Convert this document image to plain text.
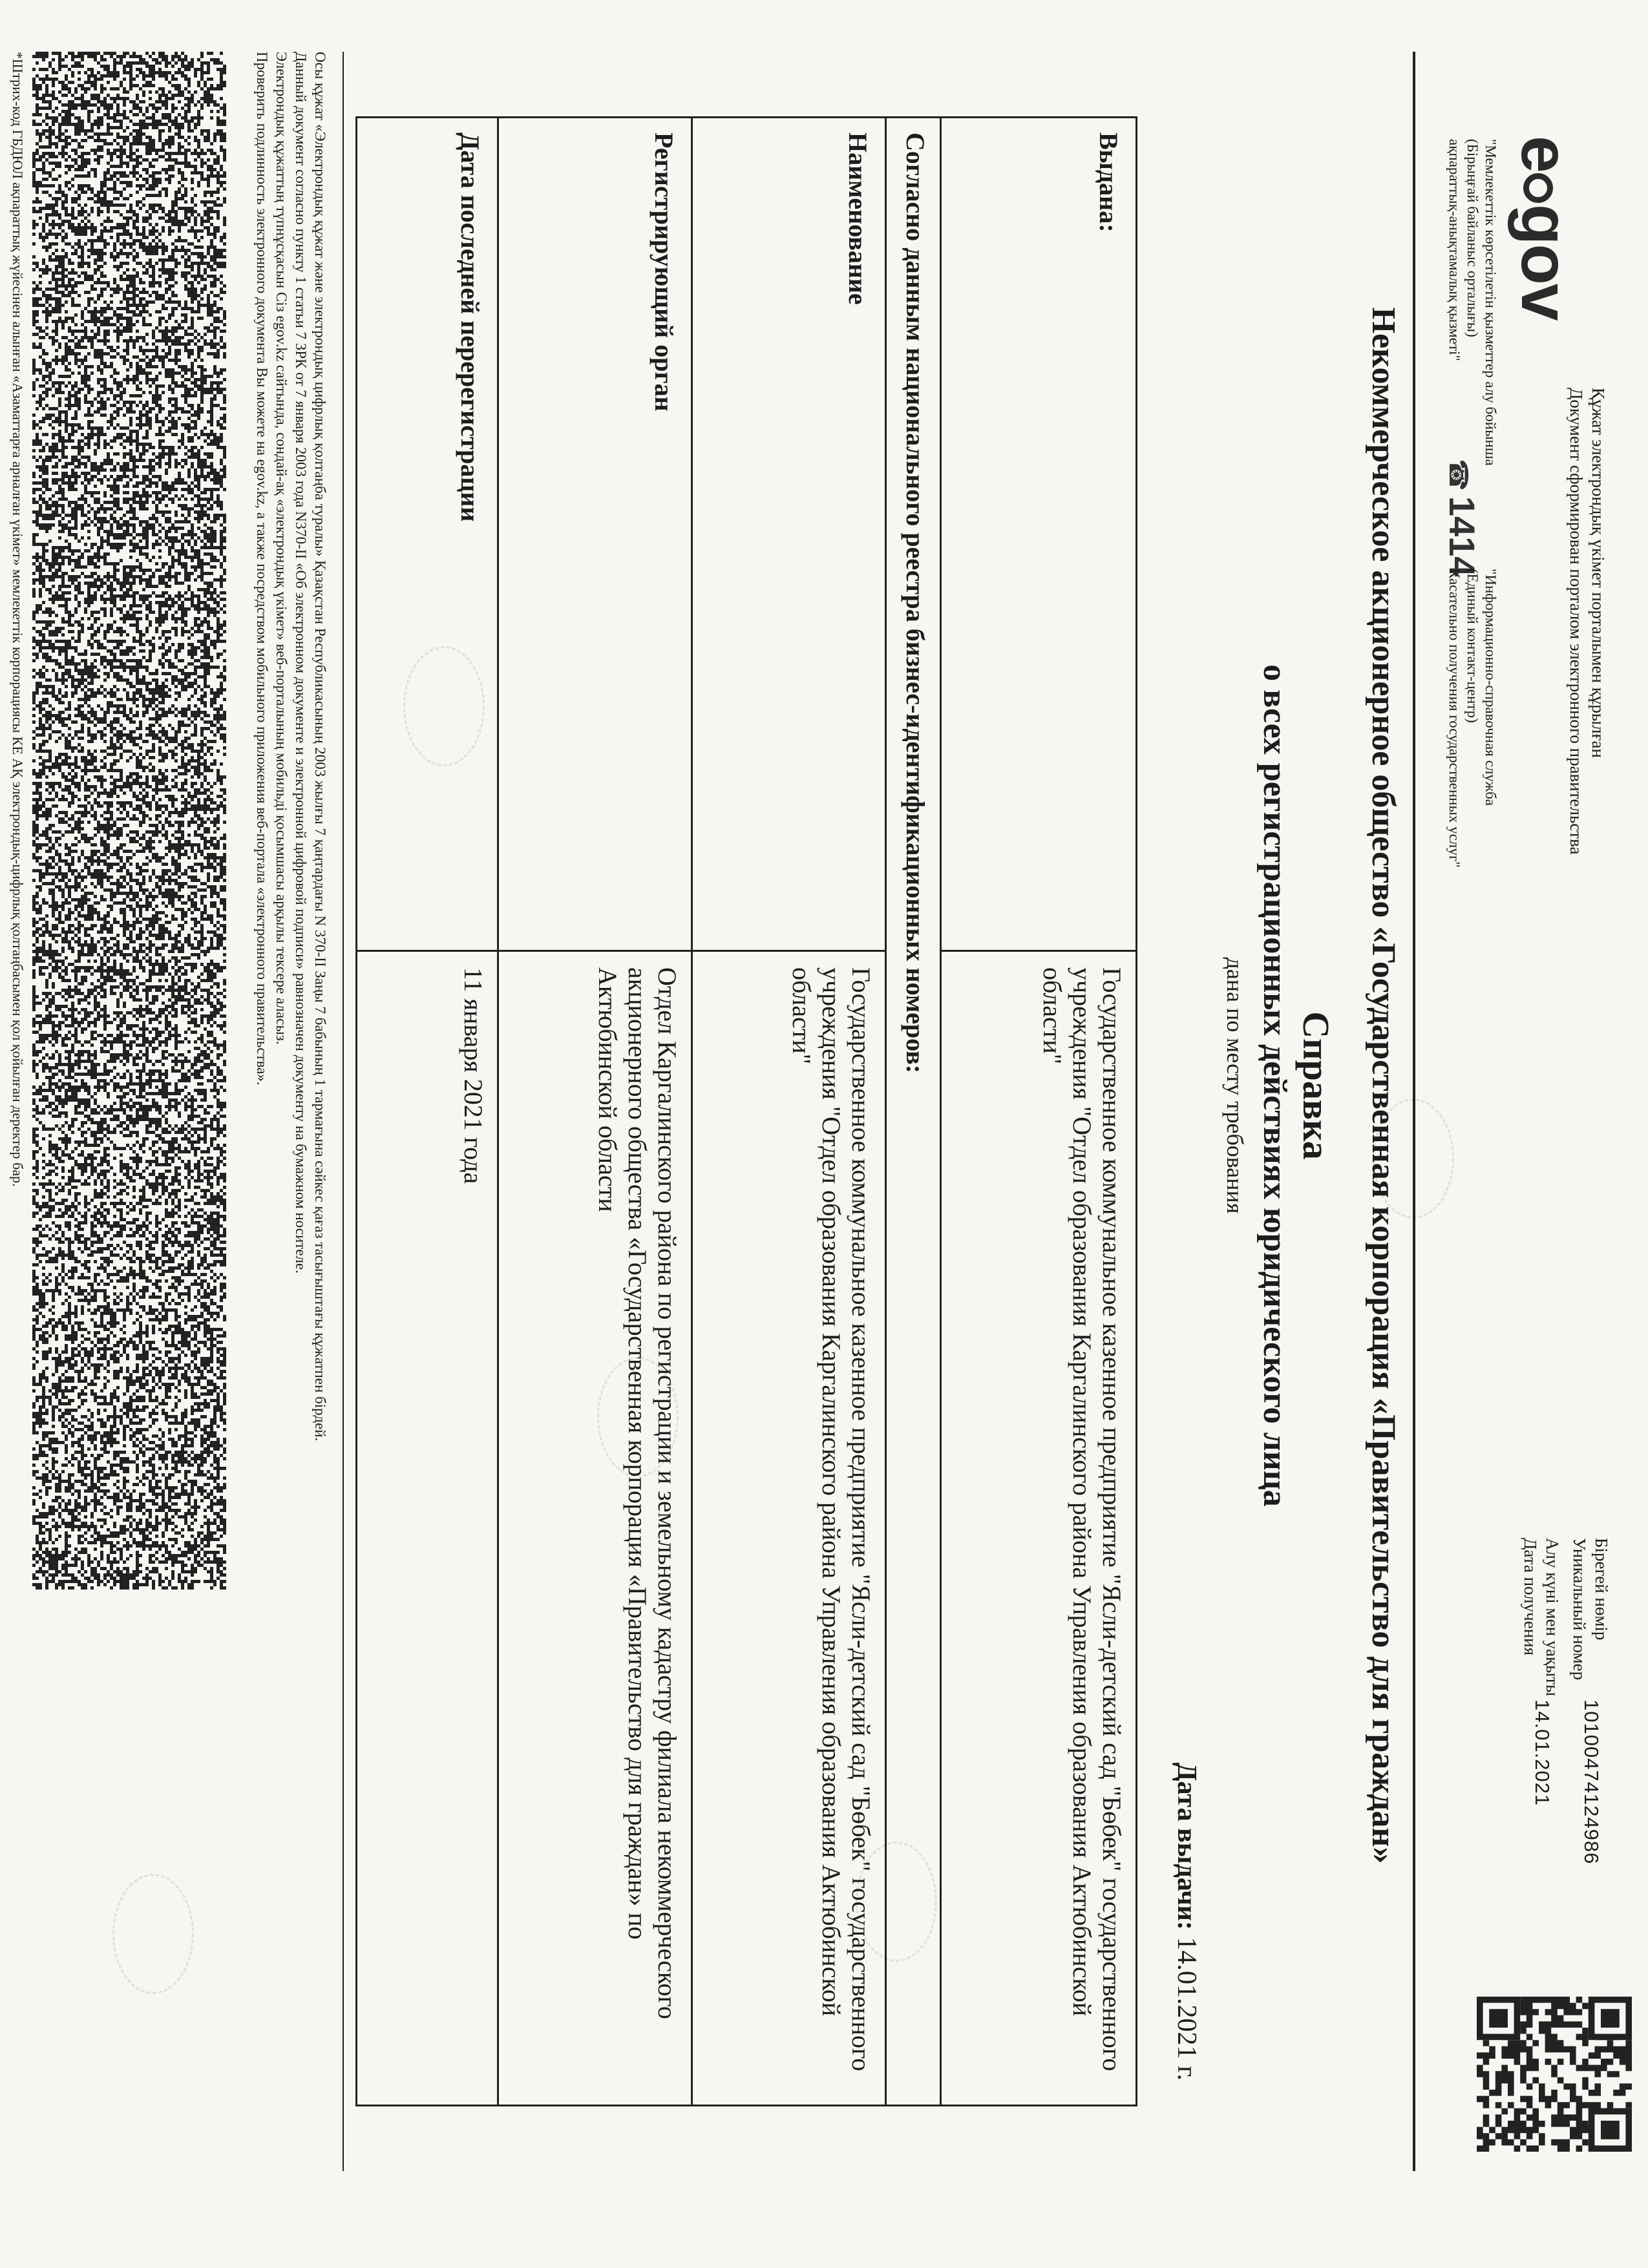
egov
Құжат электрондық үкімет порталымен құрылған
Документ сформирован порталом электронного правительства
"Мемлекеттік көрсетілетін қызметтер алу бойынша
(Бірыңғай байланыс орталығы)
ақпараттық-анықтамалық қызметі"
☎1414
"Информационно-справочная служба
(Единый контакт-центр)
Касательно получения государственных услуг"
Бірегей нөмір
Уникальный номер
10100474124986
Алу күні мен уақыты
Дата получения
14.01.2021
Некоммерческое акционерное общество «Государственная корпорация «Правительство для граждан»
Справка
о всех регистрационных действиях юридического лица
дана по месту требования
Дата выдачи: 14.01.2021 г.
Выдана:
Государственное коммунальное казенное предприятие "Ясли-детский сад "Бөбек" государственного учреждения "Отдел образования Каргалинского района Управления образования Актюбинской области"
Согласно данным национального реестра бизнес-идентификационных номеров:
Наименование
Государственное коммунальное казенное предприятие "Ясли-детский сад "Бөбек" государственного учреждения "Отдел образования Каргалинского района Управления образования Актюбинской области"
Регистрирующий орган
Отдел Каргалинского района по регистрации и земельному кадастру филиала некоммерческого акционерного общества «Государственная корпорация «Правительство для граждан» по Актюбинской области
Дата последней перерегистрации
11 января 2021 года
Осы құжат «Электрондық құжат және электрондық цифрлық қолтаңба туралы» Қазақстан Республикасының 2003 жылғы 7 қаңтардағы N 370-II Заңы 7 бабының 1 тармағына сәйкес қағаз тасығыштағы құжатпен бірдей.
Данный документ согласно пункту 1 статьи 7 ЗРК от 7 января 2003 года N370-II «Об электронном документе и электронной цифровой подписи» равнозначен документу на бумажном носителе.
Электрондық құжаттың түпнұсқасын Сіз egov.kz сайтында, сондай-ақ «электрондық үкімет» веб-порталының мобильді қосымшасы арқылы тексере аласыз.
Проверить подлинность электронного документа Вы можете на egov.kz, а также посредством мобильного приложения веб-портала «электронного правительства».
*Штрих-код ГБДЮЛ ақпараттық жүйесінен алынған «Азаматтарға арналған үкімет» мемлекеттік корпорациясы КЕ АҚ электрондық-цифрлық қолтаңбасымен қол қойылған деректер бар.
